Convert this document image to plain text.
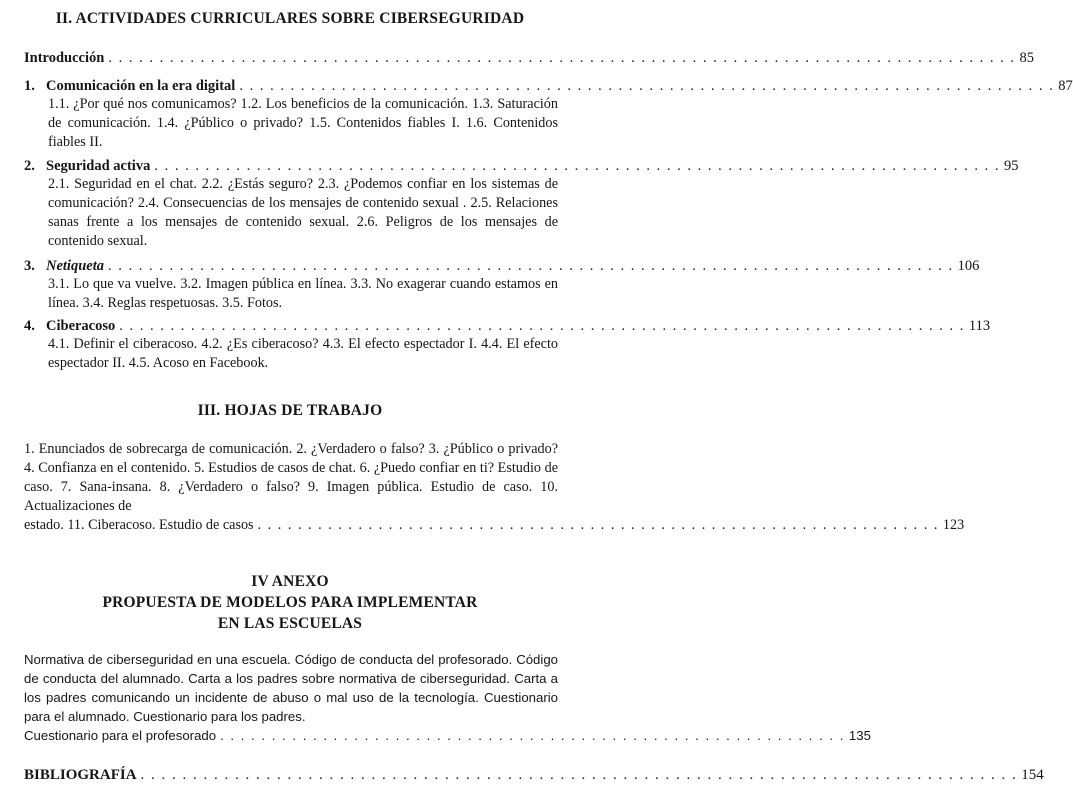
II. ACTIVIDADES CURRICULARES SOBRE CIBERSEGURIDAD
Introducción . . . . . . . . . . . . . . . . . . . . . . . . . . . . . . . . . . . . . . . . . . . . . . . . . . . . . . . . . . . . . . . . . . . . . . . . . . . . . . . . . . . . . . . . . 85
1. Comunicación en la era digital . . . . . . . . . . . . . . . . . . . . . . . . . . . . . . . . . . . . . . . . . . . . . . . . . . . . . . . . . . . . . . . . . . . . . . . . . . . . . . . . 87
1.1. ¿Por qué nos comunicamos? 1.2. Los beneficios de la comunicación. 1.3. Saturación de comunicación. 1.4. ¿Público o privado? 1.5. Contenidos fiables I. 1.6. Contenidos fiables II.
2. Seguridad activa . . . . . . . . . . . . . . . . . . . . . . . . . . . . . . . . . . . . . . . . . . . . . . . . . . . . . . . . . . . . . . . . . . . . . . . . . . . . . . . . . . . 95
2.1. Seguridad en el chat. 2.2. ¿Estás seguro? 2.3. ¿Podemos confiar en los sistemas de comunicación? 2.4. Consecuencias de los mensajes de contenido sexual . 2.5. Relaciones sanas frente a los mensajes de contenido sexual. 2.6. Peligros de los mensajes de contenido sexual.
3. Netiqueta . . . . . . . . . . . . . . . . . . . . . . . . . . . . . . . . . . . . . . . . . . . . . . . . . . . . . . . . . . . . . . . . . . . . . . . . . . . . . . . . . . . 106
3.1. Lo que va vuelve. 3.2. Imagen pública en línea. 3.3. No exagerar cuando estamos en línea. 3.4. Reglas respetuosas. 3.5. Fotos.
4. Ciberacoso . . . . . . . . . . . . . . . . . . . . . . . . . . . . . . . . . . . . . . . . . . . . . . . . . . . . . . . . . . . . . . . . . . . . . . . . . . . . . . . . . . . 113
4.1. Definir el ciberacoso. 4.2. ¿Es ciberacoso? 4.3. El efecto espectador I. 4.4. El efecto espectador II. 4.5. Acoso en Facebook.
III. HOJAS DE TRABAJO
1. Enunciados de sobrecarga de comunicación. 2. ¿Verdadero o falso? 3. ¿Público o privado? 4. Confianza en el contenido. 5. Estudios de casos de chat. 6. ¿Puedo confiar en ti? Estudio de caso. 7. Sana-insana. 8. ¿Verdadero o falso? 9. Imagen pública. Estudio de caso. 10. Actualizaciones de
estado. 11. Ciberacoso. Estudio de casos . . . . . . . . . . . . . . . . . . . . . . . . . . . . . . . . . . . . . . . . . . . . . . . . . . . . . . . . . . . . . . . . . . . . 123
IV ANEXO
PROPUESTA DE MODELOS PARA IMPLEMENTAR
EN LAS ESCUELAS
Normativa de ciberseguridad en una escuela. Código de conducta del profesorado. Código de conducta del alumnado. Carta a los padres sobre normativa de ciberseguridad. Carta a los padres comunicando un incidente de abuso o mal uso de la tecnología. Cuestionario para el alumnado. Cuestionario para los padres.
Cuestionario para el profesorado . . . . . . . . . . . . . . . . . . . . . . . . . . . . . . . . . . . . . . . . . . . . . . . . . . . . . . . . . . . . . 135
BIBLIOGRAFÍA . . . . . . . . . . . . . . . . . . . . . . . . . . . . . . . . . . . . . . . . . . . . . . . . . . . . . . . . . . . . . . . . . . . . . . . . . . . . . . . . . . . . 154
